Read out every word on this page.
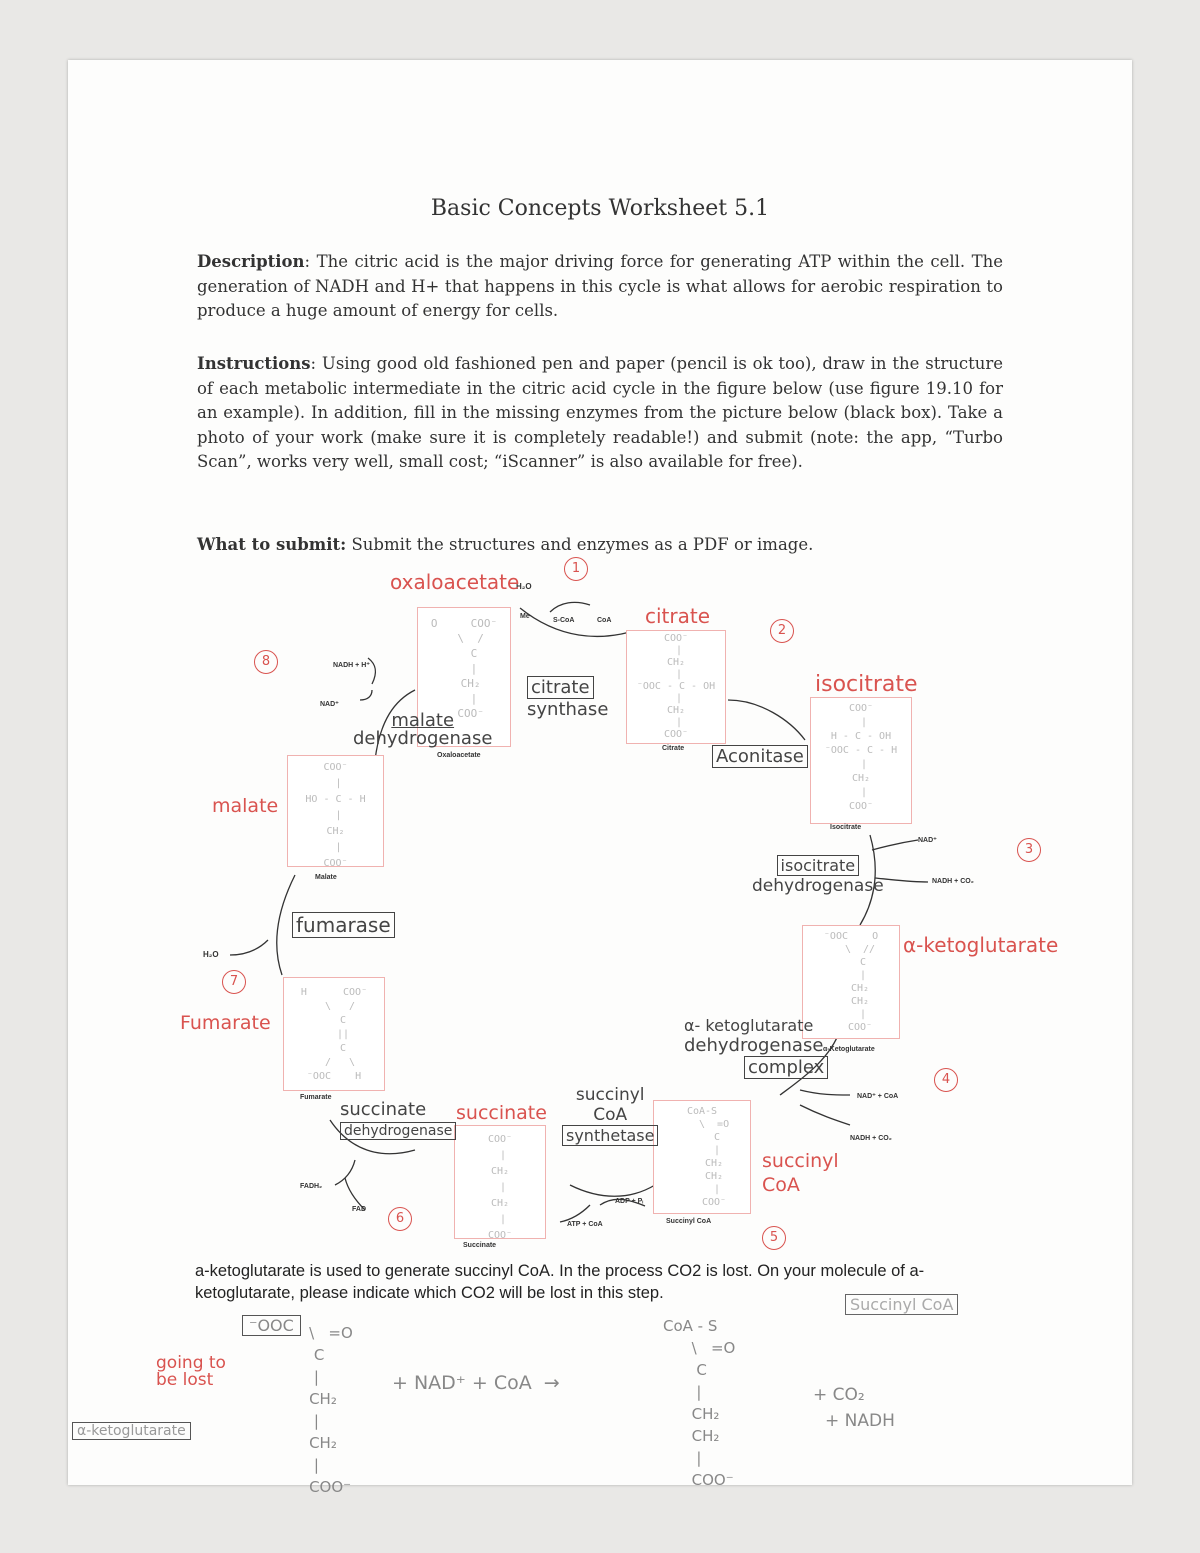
Basic Concepts Worksheet 5.1
Description: The citric acid is the major driving force for generating ATP within the cell. The generation of NADH and H+ that happens in this cycle is what allows for aerobic respiration to produce a huge amount of energy for cells.
Instructions: Using good old fashioned pen and paper (pencil is ok too), draw in the structure of each metabolic intermediate in the citric acid cycle in the figure below (use figure 19.10 for an example). In addition, fill in the missing enzymes from the picture below (black box). Take a photo of your work (make sure it is completely readable!) and submit (note: the app, “Turbo Scan”, works very well, small cost; “iScanner” is also available for free).
What to submit: Submit the structures and enzymes as a PDF or image.
O     COO⁻
\  /
C
|
CH₂
|
COO⁻
COO⁻
|
CH₂
|
⁻OOC - C - OH
|
CH₂
|
COO⁻
COO⁻
|
H - C - OH
⁻OOC - C - H
|
CH₂
|
COO⁻
⁻OOC    O
\  //
C
|
CH₂
CH₂
|
COO⁻
CoA-S
\  =O
C
|
CH₂
CH₂
|
COO⁻
COO⁻
|
CH₂
|
CH₂
|
COO⁻
H      COO⁻
\   /
C
||
C
/   \
⁻OOC    H
COO⁻
|
HO - C - H
|
CH₂
|
COO⁻
Oxaloacetate
Citrate
Isocitrate
α-Ketoglutarate
Succinyl CoA
Succinate
Fumarate
Malate
H₂O
Me
S-CoA	CoA
NAD⁺
NADH + CO₂
NAD⁺ + CoA
NADH + CO₂
ADP + Pᵢ
ATP + CoA
FADH₂
FAD
H₂O
NADH + H⁺
NAD⁺
oxaloacetate
citrate
isocitrate
α-ketoglutarate
succinyl
CoA
succinate
Fumarate
malate
citrate
synthase
Aconitase
isocitrate
dehydrogenase
α- ketoglutarate
dehydrogenase
complex
succinyl
CoA
synthetase
succinate
dehydrogenase
fumarase
malate
dehydrogenase
1
2
3
4
5
6
7
8
a-ketoglutarate is used to generate succinyl CoA. In the process CO2 is lost. On your molecule of a-ketoglutarate, please indicate which CO2 will be lost in this step.
⁻OOC	\   =O
C
|
CH₂
|
CH₂
|
COO⁻
going to
be lost
α-ketoglutarate
+ NAD⁺ + CoA  →
CoA - S
\   =O
C
|
CH₂
CH₂
|
COO⁻
Succinyl CoA
+ CO₂
+ NADH
